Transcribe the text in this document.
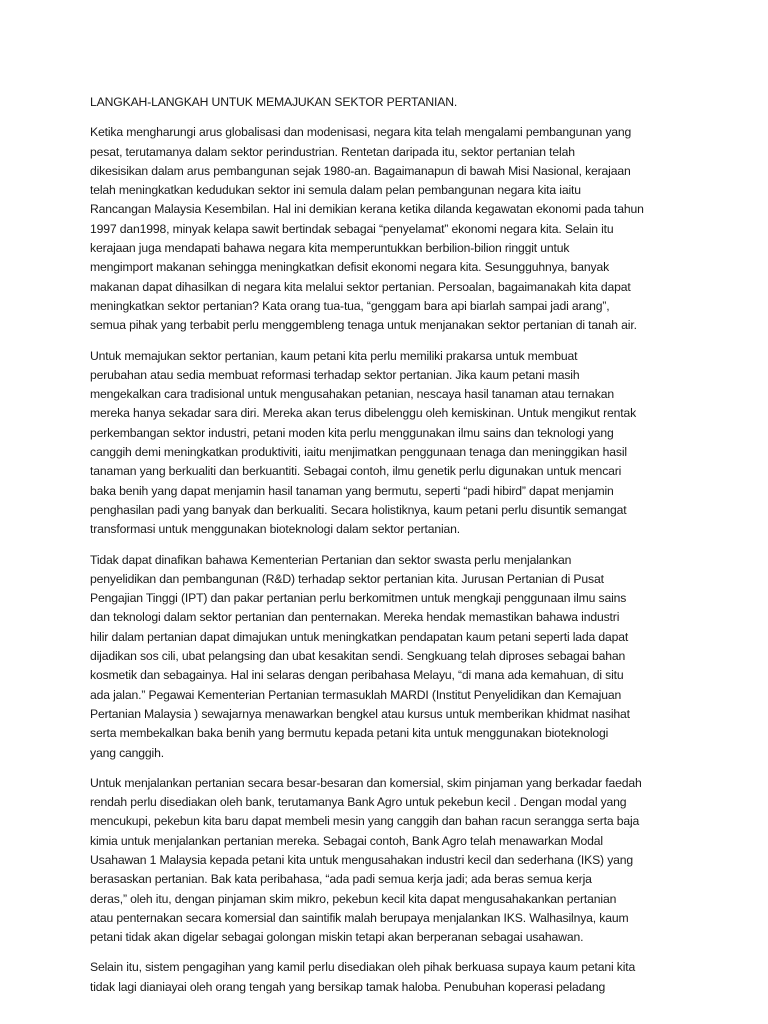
LANGKAH-LANGKAH UNTUK MEMAJUKAN SEKTOR PERTANIAN.
Ketika mengharungi arus globalisasi dan modenisasi, negara kita telah mengalami pembangunan yang
pesat, terutamanya dalam sektor perindustrian. Rentetan daripada itu, sektor pertanian telah
dikesisikan dalam arus pembangunan sejak 1980-an. Bagaimanapun di bawah Misi Nasional, kerajaan
telah meningkatkan kedudukan sektor ini semula dalam pelan pembangunan negara kita iaitu
Rancangan Malaysia Kesembilan. Hal ini demikian kerana ketika dilanda kegawatan ekonomi pada tahun
1997 dan1998, minyak kelapa sawit bertindak sebagai “penyelamat” ekonomi negara kita. Selain itu
kerajaan juga mendapati bahawa negara kita memperuntukkan berbilion-bilion ringgit untuk
mengimport makanan sehingga meningkatkan defisit ekonomi negara kita. Sesungguhnya, banyak
makanan dapat dihasilkan di negara kita melalui sektor pertanian. Persoalan, bagaimanakah kita dapat
meningkatkan sektor pertanian? Kata orang tua-tua, “genggam bara api biarlah sampai jadi arang”,
semua pihak yang terbabit perlu menggembleng tenaga untuk menjanakan sektor pertanian di tanah air.
Untuk memajukan sektor pertanian, kaum petani kita perlu memiliki prakarsa untuk membuat
perubahan atau sedia membuat reformasi terhadap sektor pertanian. Jika kaum petani masih
mengekalkan cara tradisional untuk mengusahakan petanian, nescaya hasil tanaman atau ternakan
mereka hanya sekadar sara diri. Mereka akan terus dibelenggu oleh kemiskinan. Untuk mengikut rentak
perkembangan sektor industri, petani moden kita perlu menggunakan ilmu sains dan teknologi yang
canggih demi meningkatkan produktiviti, iaitu menjimatkan penggunaan tenaga dan meninggikan hasil
tanaman yang berkualiti dan berkuantiti. Sebagai contoh, ilmu genetik perlu digunakan untuk mencari
baka benih yang dapat menjamin hasil tanaman yang bermutu, seperti “padi hibird” dapat menjamin
penghasilan padi yang banyak dan berkualiti. Secara holistiknya, kaum petani perlu disuntik semangat
transformasi untuk menggunakan bioteknologi dalam sektor pertanian.
Tidak dapat dinafikan bahawa Kementerian Pertanian dan sektor swasta perlu menjalankan
penyelidikan dan pembangunan (R&D) terhadap sektor pertanian kita. Jurusan Pertanian di Pusat
Pengajian Tinggi (IPT) dan pakar pertanian perlu berkomitmen untuk mengkaji penggunaan ilmu sains
dan teknologi dalam sektor pertanian dan penternakan. Mereka hendak memastikan bahawa industri
hilir dalam pertanian dapat dimajukan untuk meningkatkan pendapatan kaum petani seperti lada dapat
dijadikan sos cili, ubat pelangsing dan ubat kesakitan sendi. Sengkuang telah diproses sebagai bahan
kosmetik dan sebagainya. Hal ini selaras dengan peribahasa Melayu, “di mana ada kemahuan, di situ
ada jalan.” Pegawai Kementerian Pertanian termasuklah MARDI (Institut Penyelidikan dan Kemajuan
Pertanian Malaysia ) sewajarnya menawarkan bengkel atau kursus untuk memberikan khidmat nasihat
serta membekalkan baka benih yang bermutu kepada petani kita untuk menggunakan bioteknologi
yang canggih.
Untuk menjalankan pertanian secara besar-besaran dan komersial, skim pinjaman yang berkadar faedah
rendah perlu disediakan oleh bank, terutamanya Bank Agro untuk pekebun kecil . Dengan modal yang
mencukupi, pekebun kita baru dapat membeli mesin yang canggih dan bahan racun serangga serta baja
kimia untuk menjalankan pertanian mereka. Sebagai contoh, Bank Agro telah menawarkan Modal
Usahawan 1 Malaysia kepada petani kita untuk mengusahakan industri kecil dan sederhana (IKS) yang
berasaskan pertanian. Bak kata peribahasa, “ada padi semua kerja jadi; ada beras semua kerja
deras,” oleh itu, dengan pinjaman skim mikro, pekebun kecil kita dapat mengusahakankan pertanian
atau penternakan secara komersial dan saintifik malah berupaya menjalankan IKS. Walhasilnya, kaum
petani tidak akan digelar sebagai golongan miskin tetapi akan berperanan sebagai usahawan.
Selain itu, sistem pengagihan yang kamil perlu disediakan oleh pihak berkuasa supaya kaum petani kita
tidak lagi dianiayai oleh orang tengah yang bersikap tamak haloba. Penubuhan koperasi peladang
